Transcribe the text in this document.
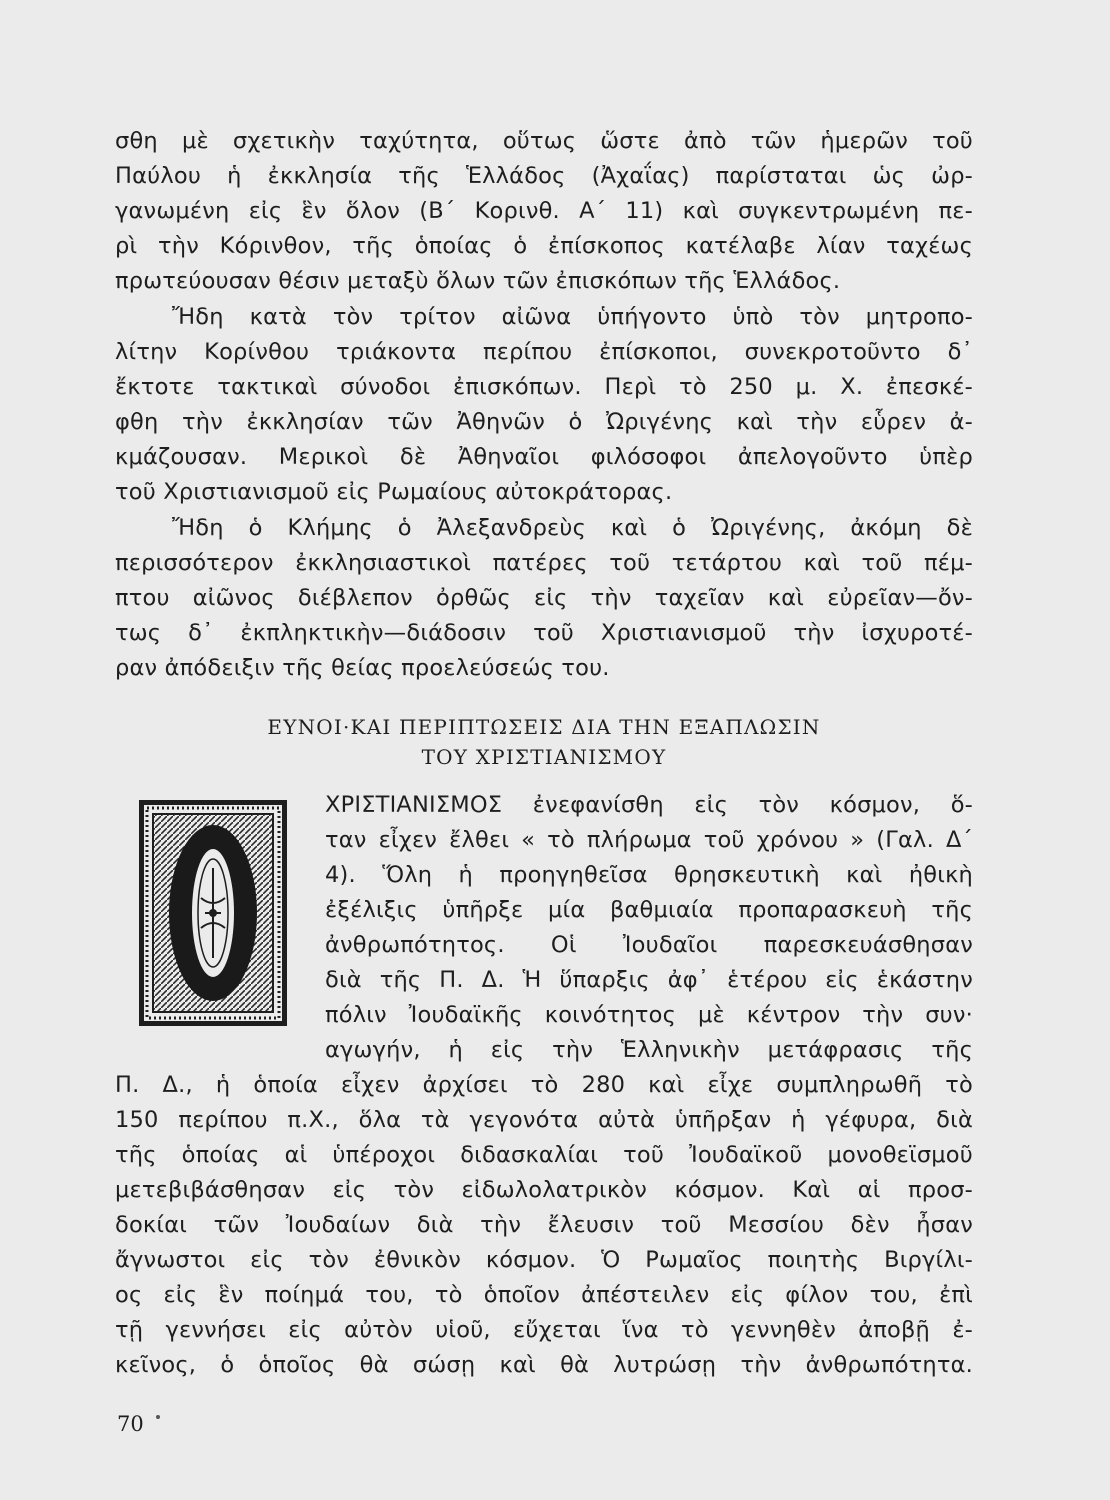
σθη μὲ σχετικὴν ταχύτητα, οὕτως ὥστε ἀπὸ τῶν ἡμερῶν τοῦ
Παύλου ἡ ἐκκλησία τῆς Ἑλλάδος (Ἀχαΐας) παρίσταται ὡς ὠρ-
γανωμένη εἰς ἓν ὅλον (Β΄ Κορινθ. Α΄ 11) καὶ συγκεντρωμένη πε-
ρὶ τὴν Κόρινθον, τῆς ὁποίας ὁ ἐπίσκοπος κατέλαβε λίαν ταχέως
πρωτεύουσαν θέσιν μεταξὺ ὅλων τῶν ἐπισκόπων τῆς Ἑλλάδος.
Ἤδη κατὰ τὸν τρίτον αἰῶνα ὑπήγοντο ὑπὸ τὸν μητροπο-
λίτην Κορίνθου τριάκοντα περίπου ἐπίσκοποι, συνεκροτοῦντο δ᾽
ἔκτοτε τακτικαὶ σύνοδοι ἐπισκόπων. Περὶ τὸ 250 μ. Χ. ἐπεσκέ-
φθη τὴν ἐκκλησίαν τῶν Ἀθηνῶν ὁ Ὠριγένης καὶ τὴν εὗρεν ἀ-
κμάζουσαν. Μερικοὶ δὲ Ἀθηναῖοι φιλόσοφοι ἀπελογοῦντο ὑπὲρ
τοῦ Χριστιανισμοῦ εἰς Ρωμαίους αὐτοκράτορας.
Ἤδη ὁ Κλήμης ὁ Ἀλεξανδρεὺς καὶ ὁ Ὠριγένης, ἀκόμη δὲ
περισσότερον ἐκκλησιαστικοὶ πατέρες τοῦ τετάρτου καὶ τοῦ πέμ-
πτου αἰῶνος διέβλεπον ὀρθῶς εἰς τὴν ταχεῖαν καὶ εὐρεῖαν—ὄν-
τως δ᾽ ἐκπληκτικὴν—διάδοσιν τοῦ Χριστιανισμοῦ τὴν ἰσχυροτέ-
ραν ἀπόδειξιν τῆς θείας προελεύσεώς του.
ΕΥΝΟΙ·ΚΑΙ ΠΕΡΙΠΤΩΣΕΙΣ ΔΙΑ ΤΗΝ ΕΞΑΠΛΩΣΙΝ
ΤΟΥ ΧΡΙΣΤΙΑΝΙΣΜΟΥ
ΧΡΙΣΤΙΑΝΙΣΜΟΣ ἐνεφανίσθη εἰς τὸν κόσμον, ὅ-
ταν εἶχεν ἔλθει « τὸ πλήρωμα τοῦ χρόνου » (Γαλ. Δ΄
4). Ὅλη ἡ προηγηθεῖσα θρησκευτικὴ καὶ ἠθικὴ
ἐξέλιξις ὑπῆρξε μία βαθμιαία προπαρασκευὴ τῆς
ἀνθρωπότητος. Οἱ Ἰουδαῖοι παρεσκευάσθησαν
διὰ τῆς Π. Δ. Ἡ ὕπαρξις ἀφ᾽ ἑτέρου εἰς ἑκάστην
πόλιν Ἰουδαϊκῆς κοινότητος μὲ κέντρον τὴν συν·
αγωγήν, ἡ εἰς τὴν Ἑλληνικὴν μετάφρασις τῆς
Π. Δ., ἡ ὁποία εἶχεν ἀρχίσει τὸ 280 καὶ εἶχε συμπληρωθῆ τὸ
150 περίπου π.Χ., ὅλα τὰ γεγονότα αὐτὰ ὑπῆρξαν ἡ γέφυρα, διὰ
τῆς ὁποίας αἱ ὑπέροχοι διδασκαλίαι τοῦ Ἰουδαϊκοῦ μονοθεϊσμοῦ
μετεβιβάσθησαν εἰς τὸν εἰδωλολατρικὸν κόσμον. Καὶ αἱ προσ-
δοκίαι τῶν Ἰουδαίων διὰ τὴν ἔλευσιν τοῦ Μεσσίου δὲν ἦσαν
ἄγνωστοι εἰς τὸν ἐθνικὸν κόσμον. Ὁ Ρωμαῖος ποιητὴς Βιργίλι-
ος εἰς ἓν ποίημά του, τὸ ὁποῖον ἀπέστειλεν εἰς φίλον του, ἐπὶ
τῇ γεννήσει εἰς αὐτὸν υἱοῦ, εὔχεται ἵνα τὸ γεννηθὲν ἀποβῇ ἐ-
κεῖνος, ὁ ὁποῖος θὰ σώσῃ καὶ θὰ λυτρώσῃ τὴν ἀνθρωπότητα.
70
